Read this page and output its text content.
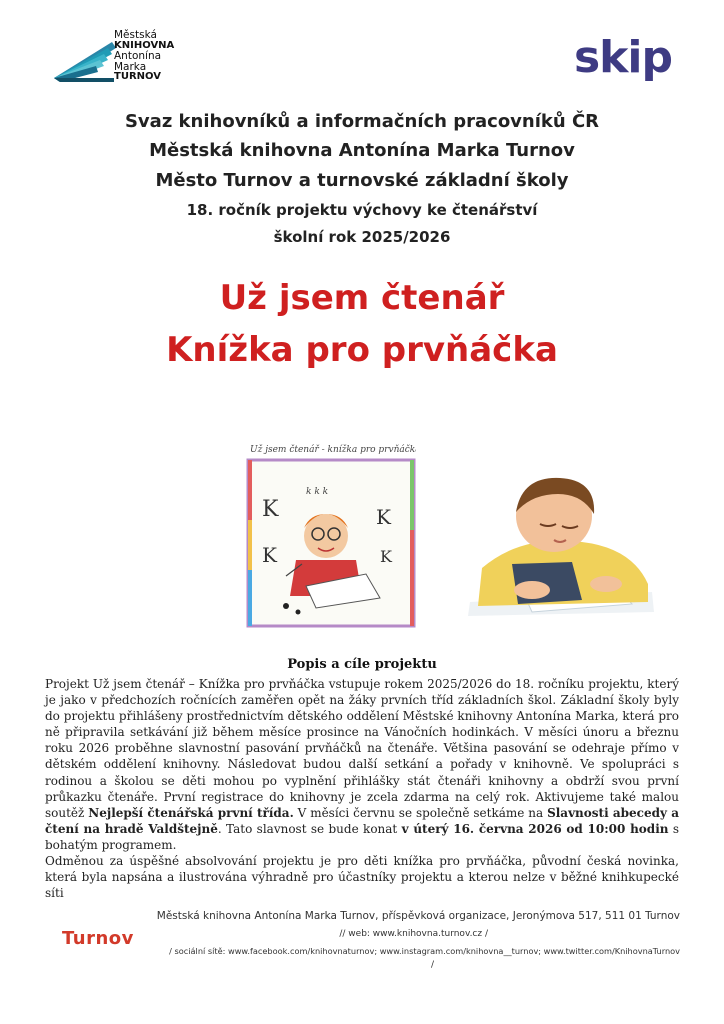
Městská
KNIHOVNA
Antonína
Marka
TURNOV	skip
Svaz knihovníků a informačních pracovníků ČR
Městská knihovna Antonína Marka Turnov
Město Turnov a turnovské základní školy
18. ročník projektu výchovy ke čtenářství
školní rok 2025/2026
Už jsem čtenář
Knížka pro prvňáčka
Už jsem čtenář - knížka pro prvňáčka
K
K
K
K
k k k
Popis a cíle projektu

Projekt Už jsem čtenář – Knížka pro prvňáčka vstupuje rokem 2025/2026 do 18. ročníku projektu, který je jako v předchozích ročnících zaměřen opět na žáky prvních tříd základních škol. Základní školy byly do projektu přihlášeny prostřednictvím dětského oddělení Městské knihovny Antonína Marka, která pro ně připravila setkávání již během měsíce prosince na Vánočních hodinkách. V měsíci únoru a březnu roku 2026 proběhne slavnostní pasování prvňáčků na čtenáře. Většina pasování se odehraje přímo v dětském oddělení knihovny. Následovat budou další setkání a pořady v knihovně. Ve spolupráci s rodinou a školou se děti mohou po vyplnění přihlášky stát čtenáři knihovny a obdrží svou první průkazku čtenáře. První registrace do knihovny je zcela zdarma na celý rok. Aktivujeme také malou soutěž Nejlepší čtenářská první třída. V měsíci červnu se společně setkáme na Slavnosti abecedy a čtení na hradě Valdštejně. Tato slavnost se bude konat v úterý 16. června 2026 od 10:00 hodin s bohatým programem.

Odměnou za úspěšné absolvování projektu je pro děti knížka pro prvňáčka, původní česká novinka, která byla napsána a ilustrována výhradně pro účastníky projektu a kterou nelze v běžné knihkupecké síti

Turnov
Městská knihovna Antonína Marka Turnov, příspěvková organizace, Jeronýmova 517, 511 01 Turnov
// web: www.knihovna.turnov.cz /
/ sociální sítě: www.facebook.com/knihovnaturnov; www.instagram.com/knihovna__turnov; www.twitter.com/KnihovnaTurnov
/
